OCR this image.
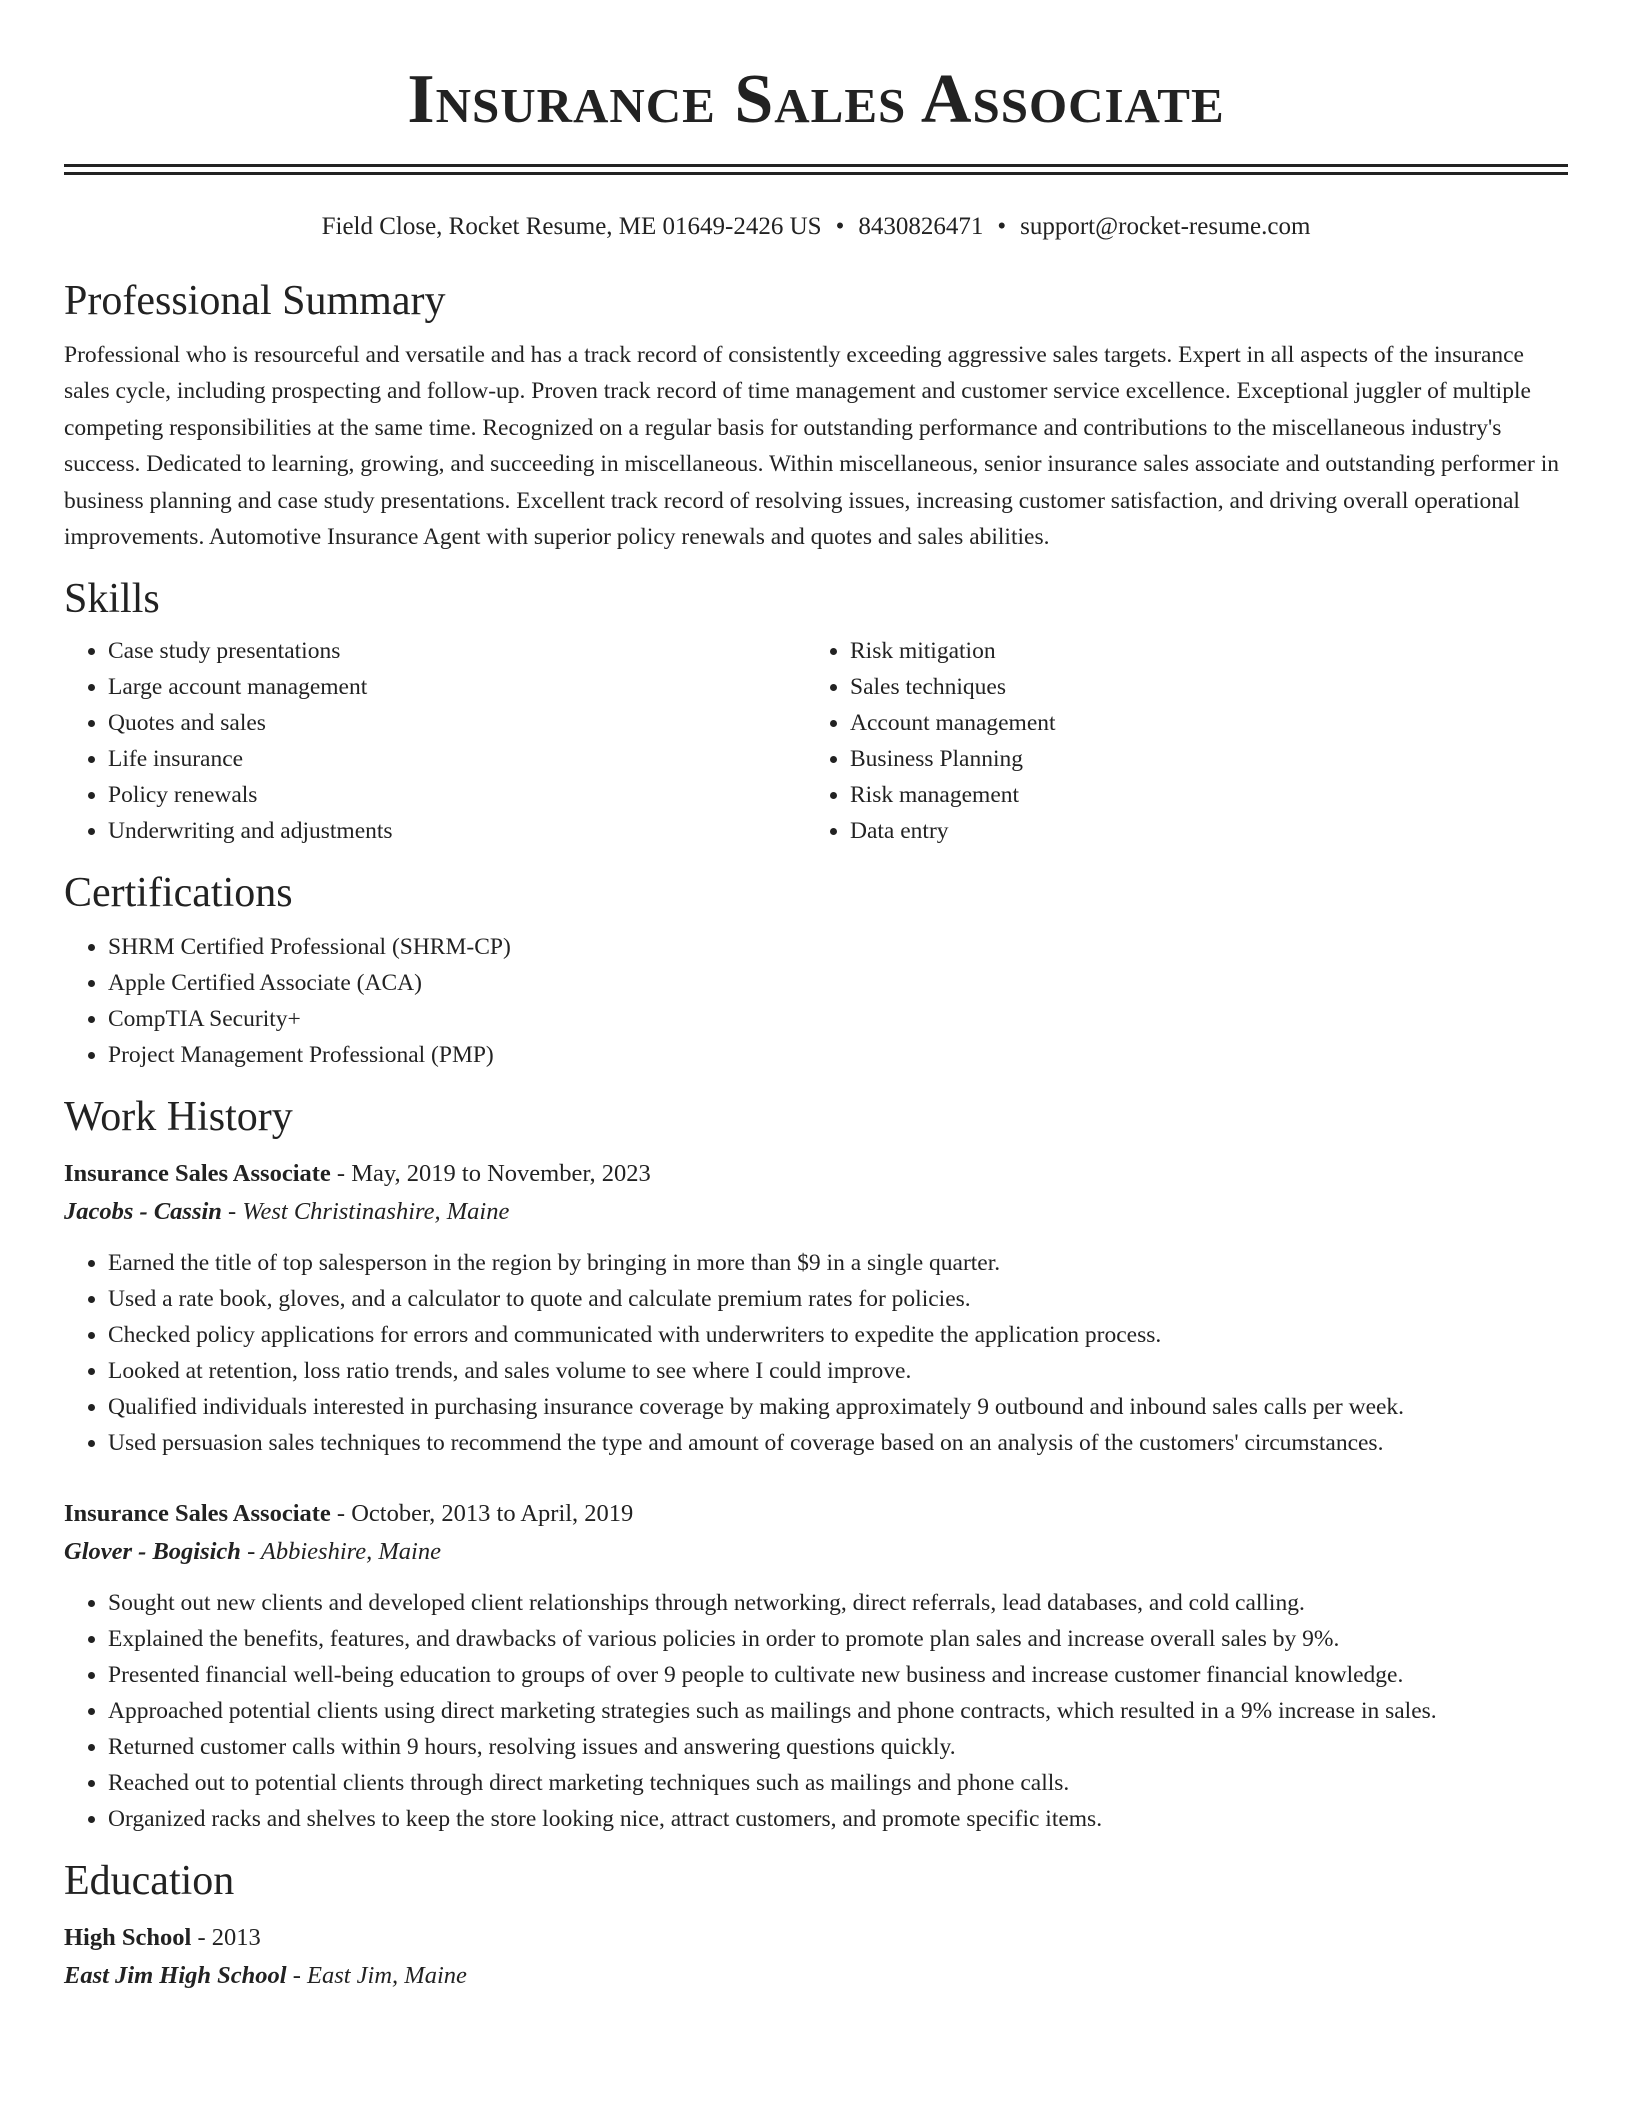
Insurance Sales Associate
Field Close, Rocket Resume, ME 01649-2426 US • 8430826471 • support@rocket-resume.com
Professional Summary

Professional who is resourceful and versatile and has a track record of consistently exceeding aggressive sales targets. Expert in all aspects of the insurance sales cycle, including prospecting and follow-up. Proven track record of time management and customer service excellence. Exceptional juggler of multiple competing responsibilities at the same time. Recognized on a regular basis for outstanding performance and contributions to the miscellaneous industry's success. Dedicated to learning, growing, and succeeding in miscellaneous. Within miscellaneous, senior insurance sales associate and outstanding performer in business planning and case study presentations. Excellent track record of resolving issues, increasing customer satisfaction, and driving overall operational improvements. Automotive Insurance Agent with superior policy renewals and quotes and sales abilities.

Skills
• Case study presentations
• Large account management
• Quotes and sales
• Life insurance
• Policy renewals
• Underwriting and adjustments
• Risk mitigation
• Sales techniques
• Account management
• Business Planning
• Risk management
• Data entry
Certifications
• SHRM Certified Professional (SHRM-CP)
• Apple Certified Associate (ACA)
• CompTIA Security+
• Project Management Professional (PMP)
Work History
Insurance Sales Associate - May, 2019 to November, 2023
Jacobs - Cassin - West Christinashire, Maine
• Earned the title of top salesperson in the region by bringing in more than $9 in a single quarter.
• Used a rate book, gloves, and a calculator to quote and calculate premium rates for policies.
• Checked policy applications for errors and communicated with underwriters to expedite the application process.
• Looked at retention, loss ratio trends, and sales volume to see where I could improve.
• Qualified individuals interested in purchasing insurance coverage by making approximately 9 outbound and inbound sales calls per week.
• Used persuasion sales techniques to recommend the type and amount of coverage based on an analysis of the customers' circumstances.
Insurance Sales Associate - October, 2013 to April, 2019
Glover - Bogisich - Abbieshire, Maine
• Sought out new clients and developed client relationships through networking, direct referrals, lead databases, and cold calling.
• Explained the benefits, features, and drawbacks of various policies in order to promote plan sales and increase overall sales by 9%.
• Presented financial well-being education to groups of over 9 people to cultivate new business and increase customer financial knowledge.
• Approached potential clients using direct marketing strategies such as mailings and phone contracts, which resulted in a 9% increase in sales.
• Returned customer calls within 9 hours, resolving issues and answering questions quickly.
• Reached out to potential clients through direct marketing techniques such as mailings and phone calls.
• Organized racks and shelves to keep the store looking nice, attract customers, and promote specific items.
Education
High School - 2013
East Jim High School - East Jim, Maine
